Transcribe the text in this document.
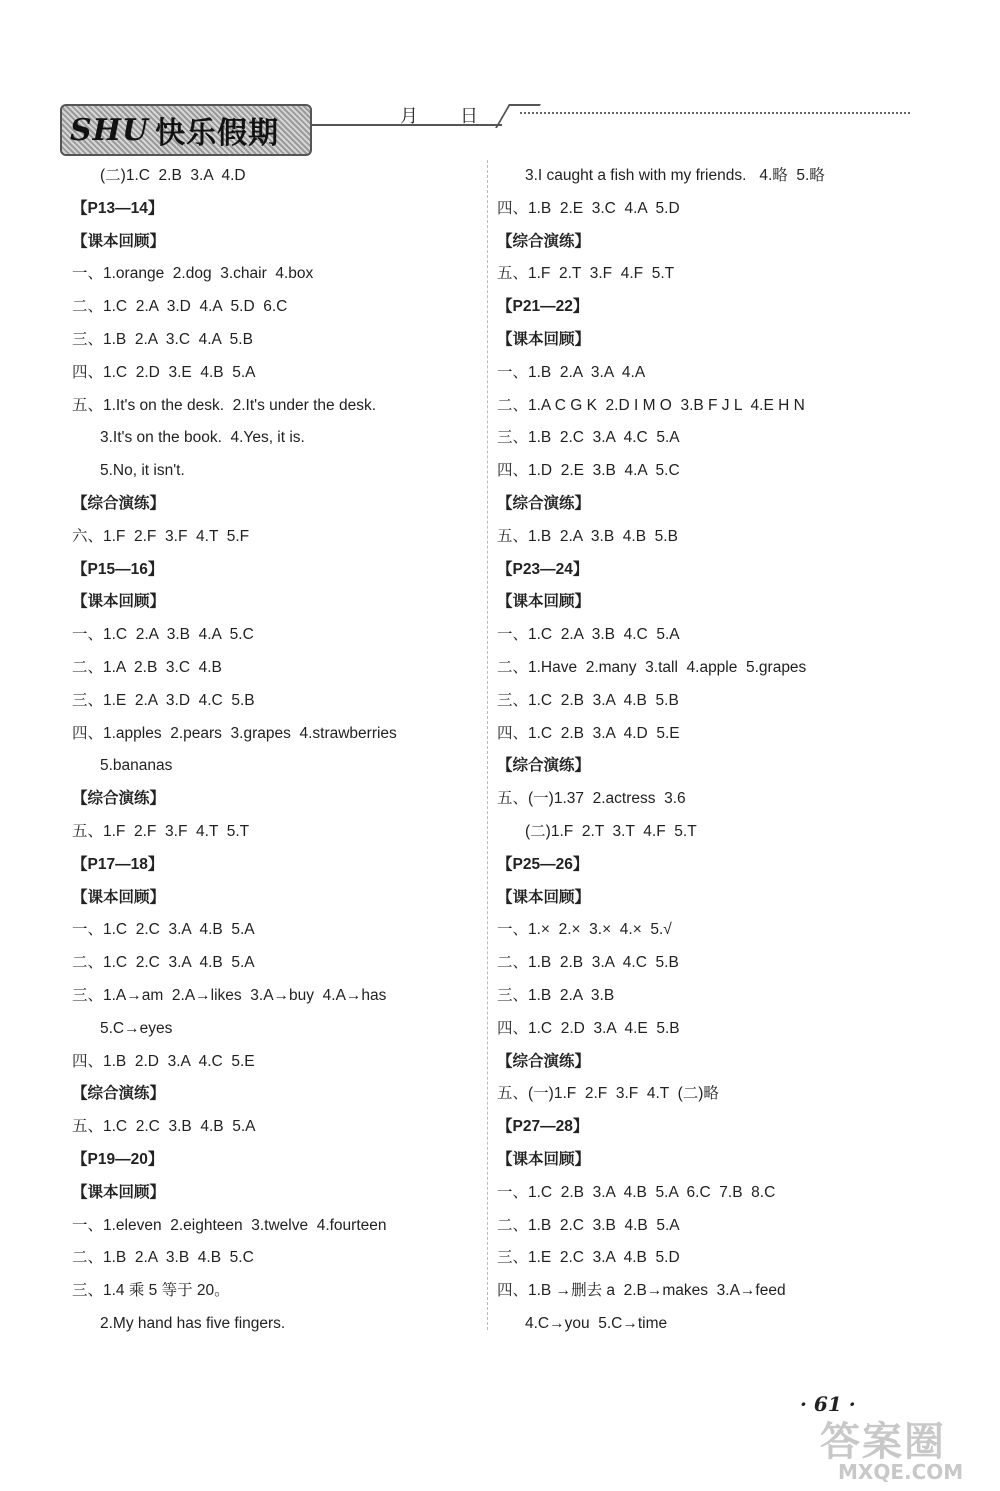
SHU 快乐假期	月 日
(二)1.C  2.B  3.A  4.D
【P13—14】
【课本回顾】
一、1.orange  2.dog  3.chair  4.box
二、1.C  2.A  3.D  4.A  5.D  6.C
三、1.B  2.A  3.C  4.A  5.B
四、1.C  2.D  3.E  4.B  5.A
五、1.It's on the desk.  2.It's under the desk.
3.It's on the book.  4.Yes, it is.
5.No, it isn't.
【综合演练】
六、1.F  2.F  3.F  4.T  5.F
【P15—16】
【课本回顾】
一、1.C  2.A  3.B  4.A  5.C
二、1.A  2.B  3.C  4.B
三、1.E  2.A  3.D  4.C  5.B
四、1.apples  2.pears  3.grapes  4.strawberries
5.bananas
【综合演练】
五、1.F  2.F  3.F  4.T  5.T
【P17—18】
【课本回顾】
一、1.C  2.C  3.A  4.B  5.A
二、1.C  2.C  3.A  4.B  5.A
三、1.A→am  2.A→likes  3.A→buy  4.A→has
5.C→eyes
四、1.B  2.D  3.A  4.C  5.E
【综合演练】
五、1.C  2.C  3.B  4.B  5.A
【P19—20】
【课本回顾】
一、1.eleven  2.eighteen  3.twelve  4.fourteen
二、1.B  2.A  3.B  4.B  5.C
三、1.4 乘 5 等于 20。
2.My hand has five fingers.
3.I caught a fish with my friends.   4.略  5.略
四、1.B  2.E  3.C  4.A  5.D
【综合演练】
五、1.F  2.T  3.F  4.F  5.T
【P21—22】
【课本回顾】
一、1.B  2.A  3.A  4.A
二、1.A C G K  2.D I M O  3.B F J L  4.E H N
三、1.B  2.C  3.A  4.C  5.A
四、1.D  2.E  3.B  4.A  5.C
【综合演练】
五、1.B  2.A  3.B  4.B  5.B
【P23—24】
【课本回顾】
一、1.C  2.A  3.B  4.C  5.A
二、1.Have  2.many  3.tall  4.apple  5.grapes
三、1.C  2.B  3.A  4.B  5.B
四、1.C  2.B  3.A  4.D  5.E
【综合演练】
五、(一)1.37  2.actress  3.6
(二)1.F  2.T  3.T  4.F  5.T
【P25—26】
【课本回顾】
一、1.×  2.×  3.×  4.×  5.√
二、1.B  2.B  3.A  4.C  5.B
三、1.B  2.A  3.B
四、1.C  2.D  3.A  4.E  5.B
【综合演练】
五、(一)1.F  2.F  3.F  4.T  (二)略
【P27—28】
【课本回顾】
一、1.C  2.B  3.A  4.B  5.A  6.C  7.B  8.C
二、1.B  2.C  3.B  4.B  5.A
三、1.E  2.C  3.A  4.B  5.D
四、1.B →删去 a  2.B→makes  3.A→feed
4.C→you  5.C→time
· 61 ·
答案圈
MXQE.COM
